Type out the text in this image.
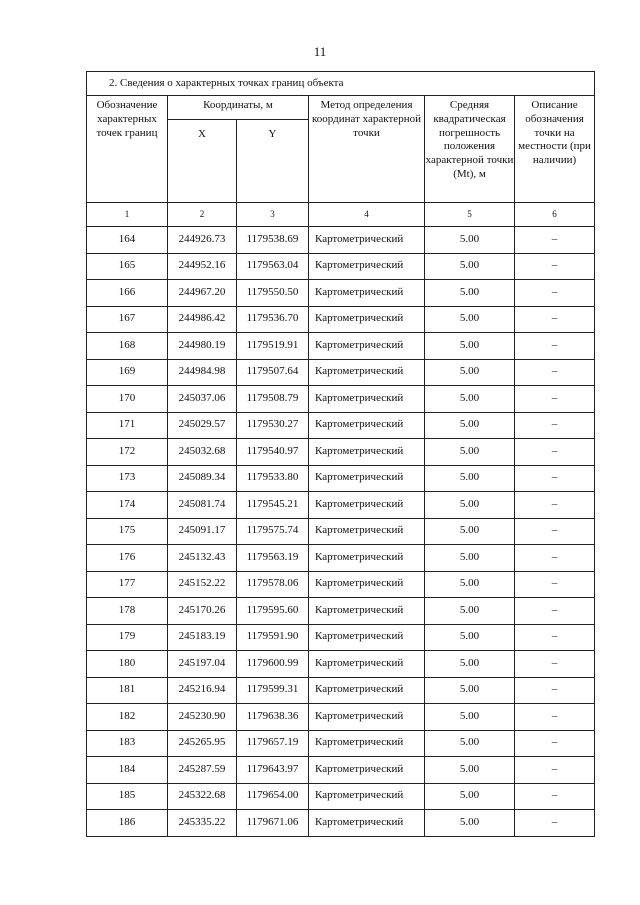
11
2. Сведения о характерных точках границ объекта					
Обозначение характерных точек границ	Координаты, м		Метод определения координат характерной точки	Средняя квадратическая погрешность положения характерной точки (Mt), м	Описание обозначения точки на местности (при наличии)
	X	Y			
1	2	3	4	5	6
164	244926.73	1179538.69	Картометрический	5.00	–
165	244952.16	1179563.04	Картометрический	5.00	–
166	244967.20	1179550.50	Картометрический	5.00	–
167	244986.42	1179536.70	Картометрический	5.00	–
168	244980.19	1179519.91	Картометрический	5.00	–
169	244984.98	1179507.64	Картометрический	5.00	–
170	245037.06	1179508.79	Картометрический	5.00	–
171	245029.57	1179530.27	Картометрический	5.00	–
172	245032.68	1179540.97	Картометрический	5.00	–
173	245089.34	1179533.80	Картометрический	5.00	–
174	245081.74	1179545.21	Картометрический	5.00	–
175	245091.17	1179575.74	Картометрический	5.00	–
176	245132.43	1179563.19	Картометрический	5.00	–
177	245152.22	1179578.06	Картометрический	5.00	–
178	245170.26	1179595.60	Картометрический	5.00	–
179	245183.19	1179591.90	Картометрический	5.00	–
180	245197.04	1179600.99	Картометрический	5.00	–
181	245216.94	1179599.31	Картометрический	5.00	–
182	245230.90	1179638.36	Картометрический	5.00	–
183	245265.95	1179657.19	Картометрический	5.00	–
184	245287.59	1179643.97	Картометрический	5.00	–
185	245322.68	1179654.00	Картометрический	5.00	–
186	245335.22	1179671.06	Картометрический	5.00	–
